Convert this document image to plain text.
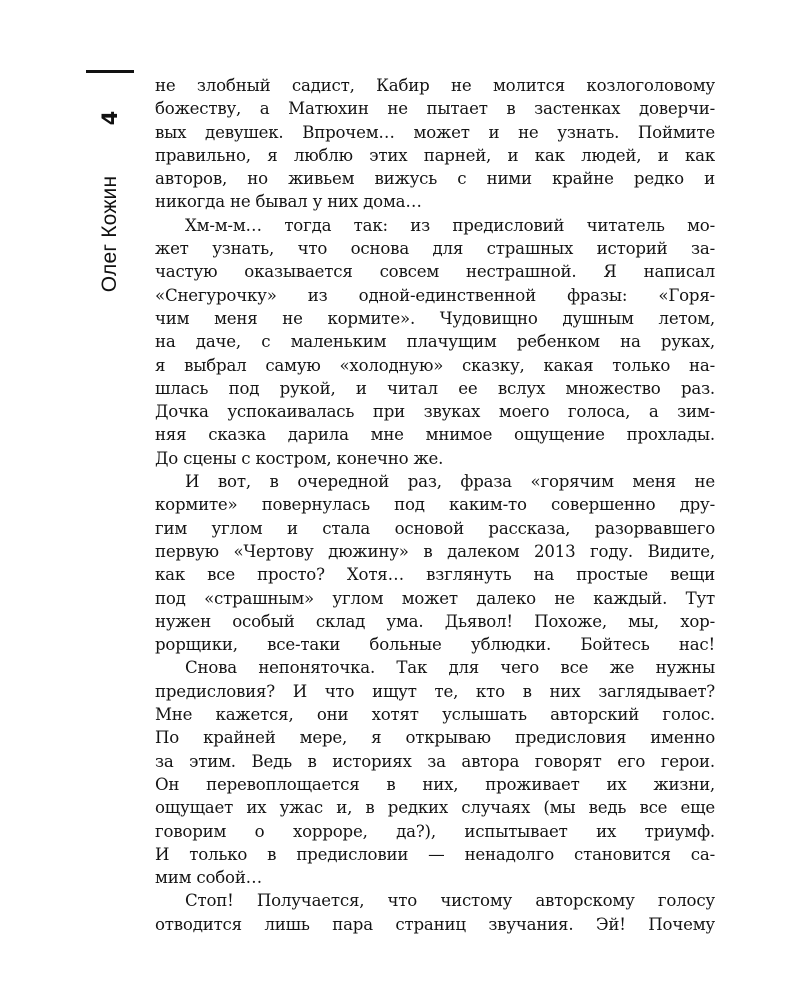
4
Олег Кожин
не злобный садист, Кабир не молится козлоголовому
божеству, а Матюхин не пытает в застенках доверчи-
вых девушек. Впрочем… может и не узнать. Поймите
правильно, я люблю этих парней, и как людей, и как
авторов, но живьем вижусь с ними крайне редко и
никогда не бывал у них дома…
Хм-м-м… тогда так: из предисловий читатель мо-
жет узнать, что основа для страшных историй за-
частую оказывается совсем нестрашной. Я написал
«Снегурочку» из одной-единственной фразы: «Горя-
чим меня не кормите». Чудовищно душным летом,
на даче, с маленьким плачущим ребенком на руках,
я выбрал самую «холодную» сказку, какая только на-
шлась под рукой, и читал ее вслух множество раз.
Дочка успокаивалась при звуках моего голоса, а зим-
няя сказка дарила мне мнимое ощущение прохлады.
До сцены с костром, конечно же.
И вот, в очередной раз, фраза «горячим меня не
кормите» повернулась под каким-то совершенно дру-
гим углом и стала основой рассказа, разорвавшего
первую «Чертову дюжину» в далеком 2013 году. Видите,
как все просто? Хотя… взглянуть на простые вещи
под «страшным» углом может далеко не каждый. Тут
нужен особый склад ума. Дьявол! Похоже, мы, хор-
рорщики, все-таки больные ублюдки. Бойтесь нас!
Снова непоняточка. Так для чего все же нужны
предисловия? И что ищут те, кто в них заглядывает?
Мне кажется, они хотят услышать авторский голос.
По крайней мере, я открываю предисловия именно
за этим. Ведь в историях за автора говорят его герои.
Он перевоплощается в них, проживает их жизни,
ощущает их ужас и, в редких случаях (мы ведь все еще
говорим о хорроре, да?), испытывает их триумф.
И только в предисловии — ненадолго становится са-
мим собой…
Стоп! Получается, что чистому авторскому голосу
отводится лишь пара страниц звучания. Эй! Почему
